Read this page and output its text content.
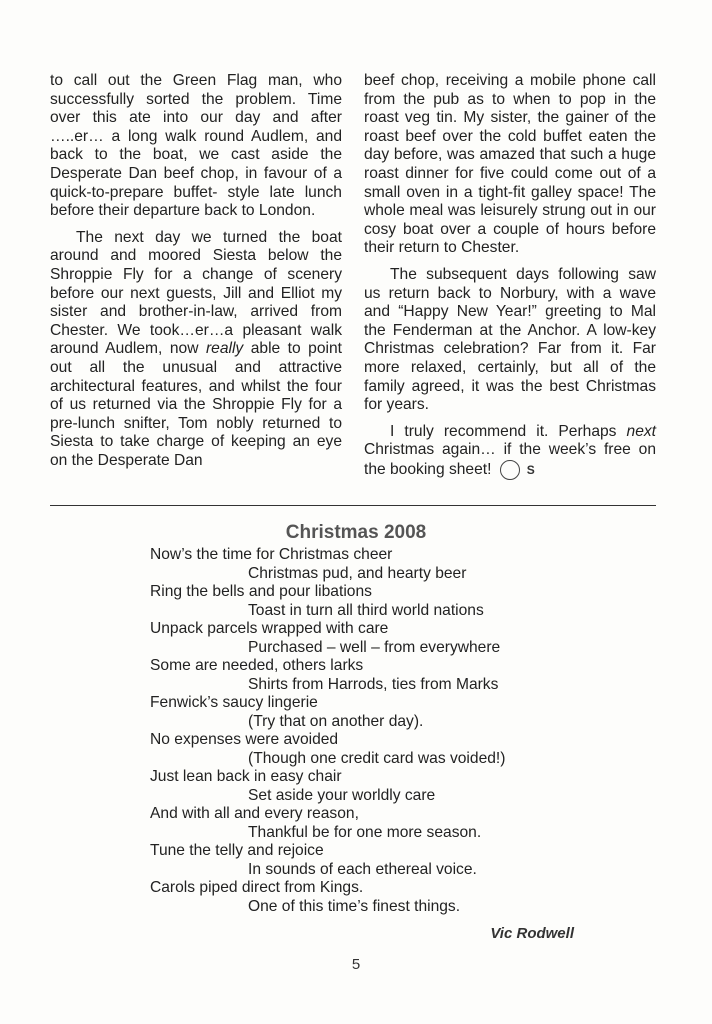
to call out the Green Flag man, who successfully sorted the problem. Time over this ate into our day and after …..er… a long walk round Audlem, and back to the boat, we cast aside the Desperate Dan beef chop, in favour of a quick-to-prepare buffet- style late lunch before their departure back to London.

The next day we turned the boat around and moored Siesta below the Shroppie Fly for a change of scenery before our next guests, Jill and Elliot my sister and brother-in-law, arrived from Chester. We took…er…a pleasant walk around Audlem, now really able to point out all the unusual and attractive architectural features, and whilst the four of us returned via the Shroppie Fly for a pre-lunch snifter, Tom nobly returned to Siesta to take charge of keeping an eye on the Desperate Dan

beef chop, receiving a mobile phone call from the pub as to when to pop in the roast veg tin. My sister, the gainer of the roast beef over the cold buffet eaten the day before, was amazed that such a huge roast dinner for five could come out of a small oven in a tight-fit galley space! The whole meal was leisurely strung out in our cosy boat over a couple of hours before their return to Chester.

The subsequent days following saw us return back to Norbury, with a wave and “Happy New Year!” greeting to Mal the Fenderman at the Anchor. A low-key Christmas celebration? Far from it. Far more relaxed, certainly, but all of the family agreed, it was the best Christmas for years.

I truly recommend it. Perhaps next Christmas again… if the week’s free on the booking sheet!	S

Christmas 2008
Now’s the time for Christmas cheer
Christmas pud, and hearty beer
Ring the bells and pour libations
Toast in turn all third world nations
Unpack parcels wrapped with care
Purchased – well – from everywhere
Some are needed, others larks
Shirts from Harrods, ties from Marks
Fenwick’s saucy lingerie
(Try that on another day).
No expenses were avoided
(Though one credit card was voided!)
Just lean back in easy chair
Set aside your worldly care
And with all and every reason,
Thankful be for one more season.
Tune the telly and rejoice
In sounds of each ethereal voice.
Carols piped direct from Kings.
One of this time’s finest things.
Vic Rodwell
5
